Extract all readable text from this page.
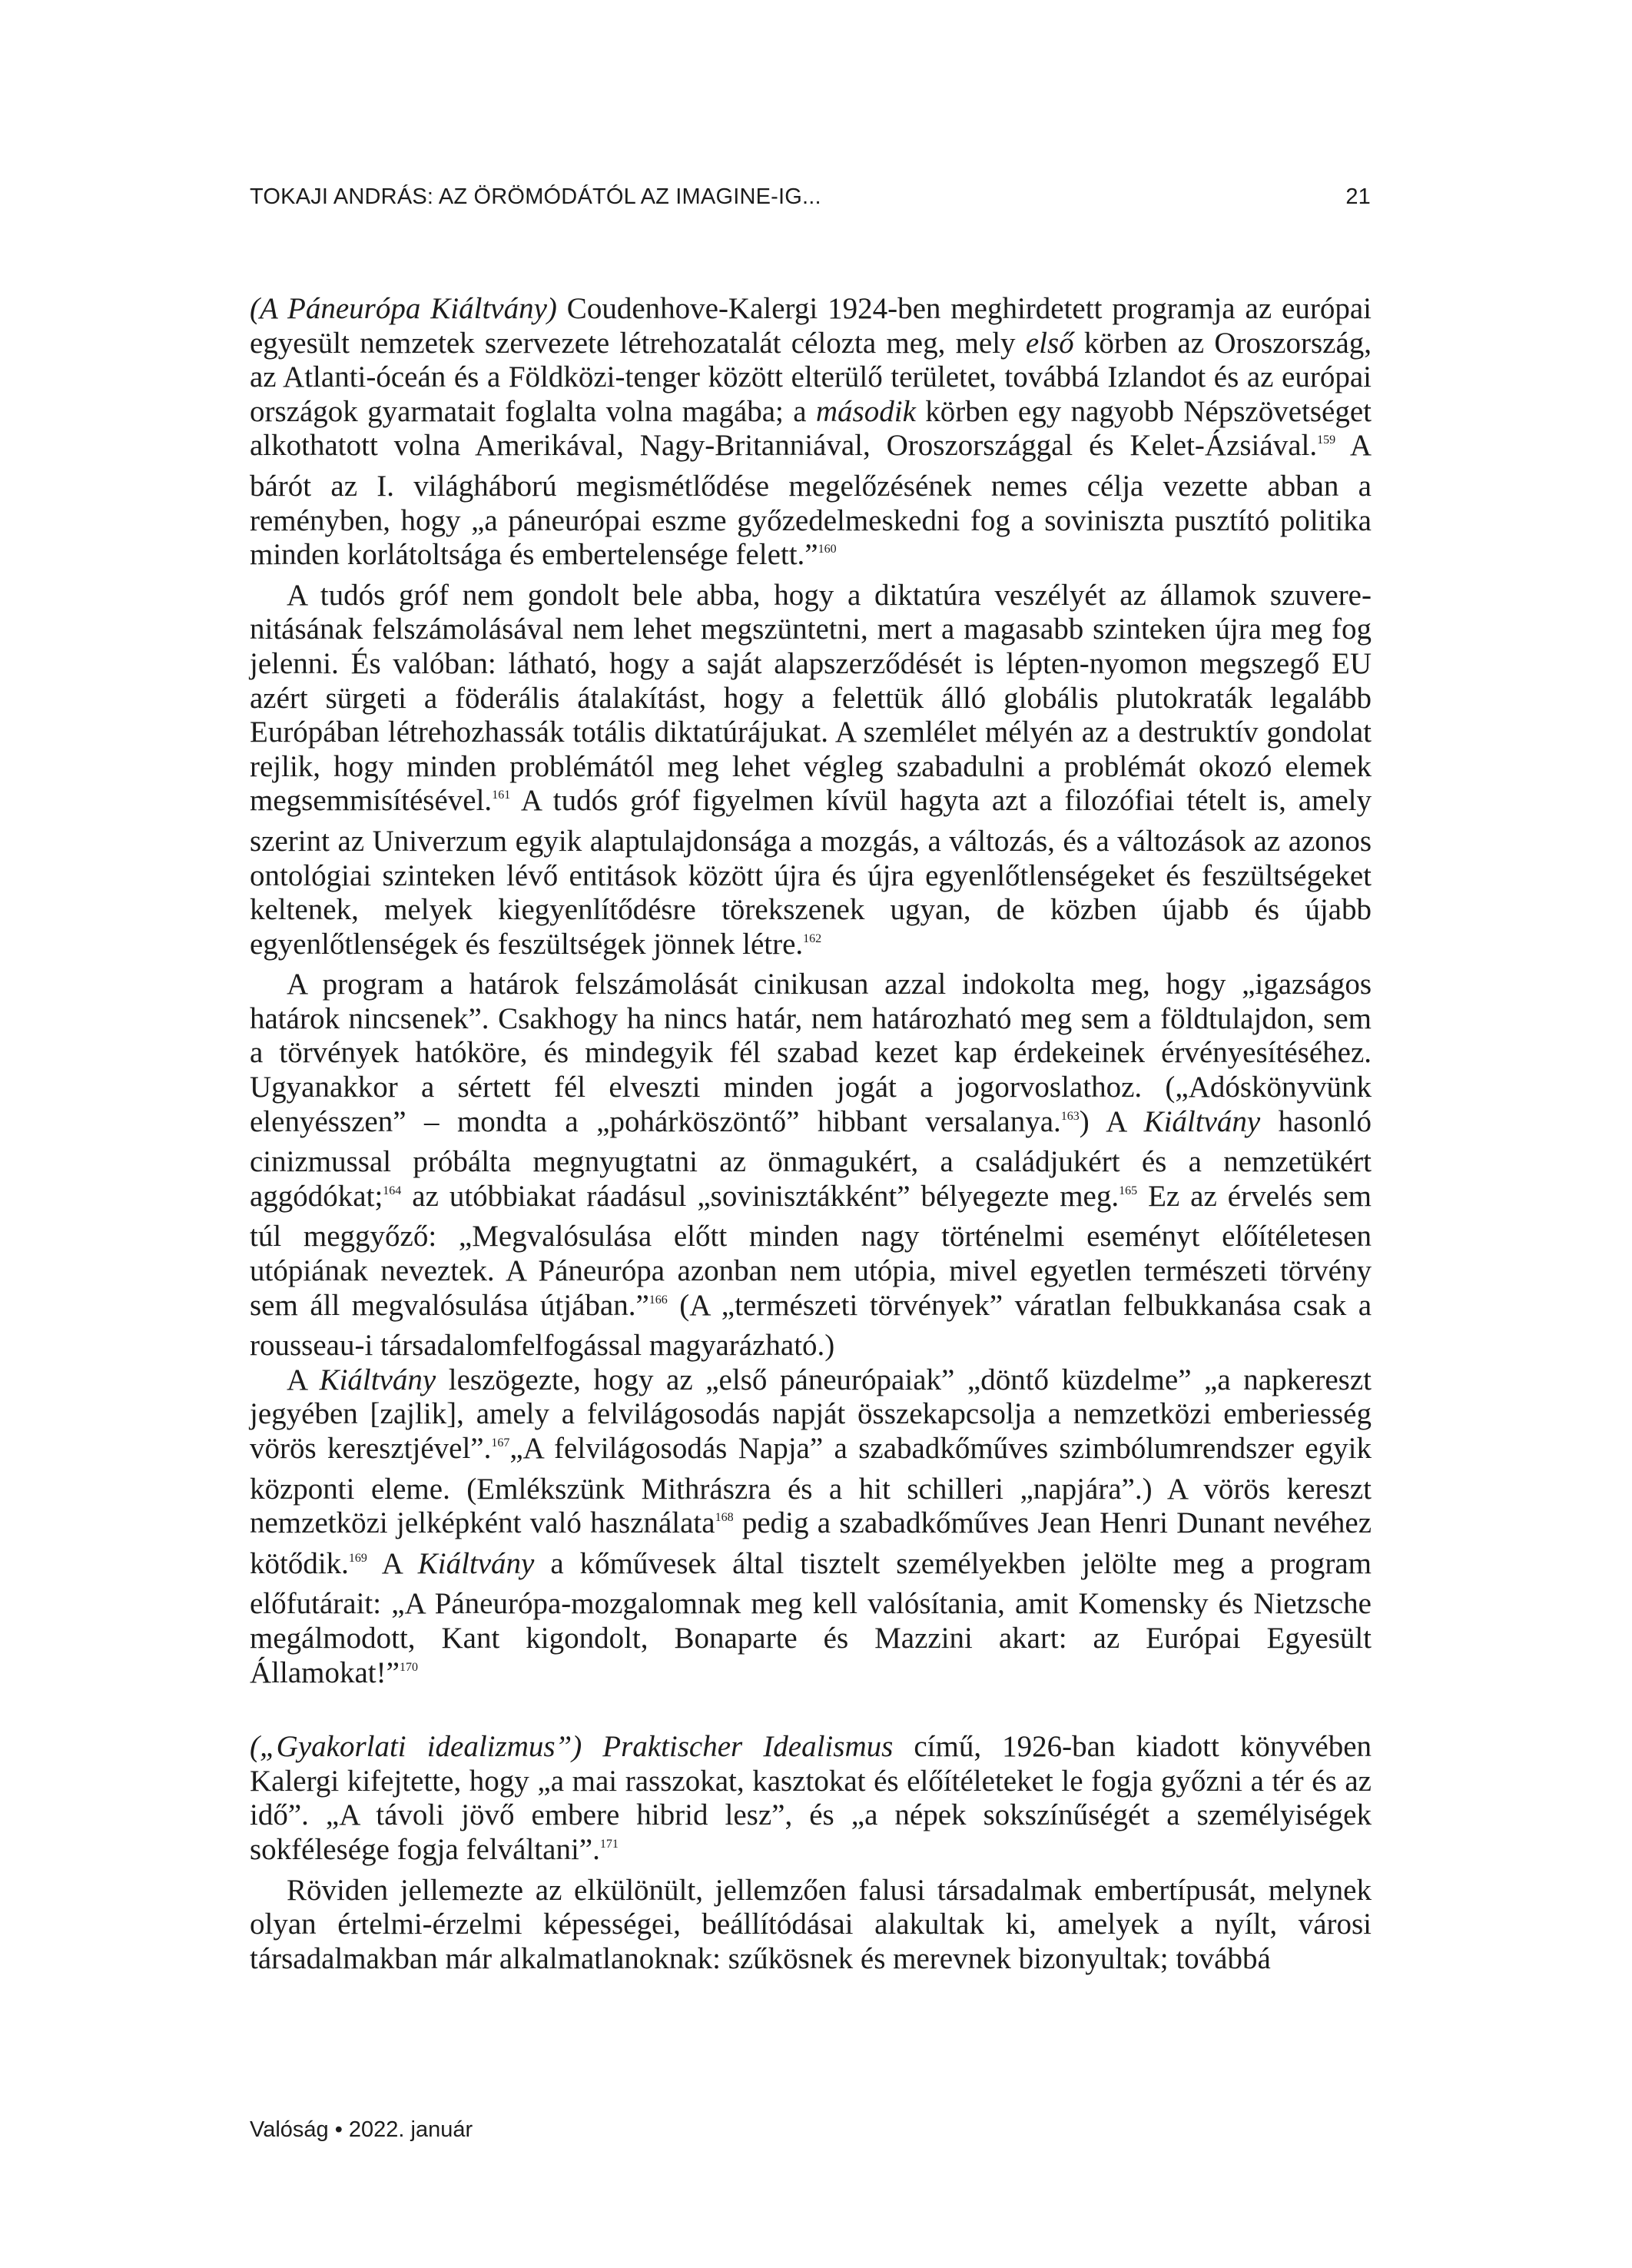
TOKAJI ANDRÁS: AZ ÖRÖMÓDÁTÓL AZ IMAGINE-IG...	21

(A Páneurópa Kiáltvány) Coudenhove-Kalergi 1924-ben meghirdetett programja az európai egyesült nemzetek szervezete létrehozatalát célozta meg, mely első körben az Oroszország, az Atlanti-óceán és a Földközi-tenger között elterülő területet, továbbá Izlandot és az európai országok gyarmatait foglalta volna magába; a második körben egy nagyobb Népszövetséget alkothatott volna Amerikával, Nagy-Britanniával, Oroszországgal és Kelet-Ázsiával.$^{159}$ A bárót az I. világháború megismétlődése megelőzésének nemes célja vezette abban a reményben, hogy „a páneurópai eszme győzedelmeskedni fog a soviniszta pusztító politika minden korlátoltsága és embertelensége felett.”$^{160}$

A tudós gróf nem gondolt bele abba, hogy a diktatúra veszélyét az államok szuverenitásának felszámolásával nem lehet megszüntetni, mert a magasabb szinteken újra meg fog jelenni. És valóban: látható, hogy a saját alapszerződését is lépten-nyomon megszegő EU azért sürgeti a föderális átalakítást, hogy a felettük álló globális plutokraták legalább Európában létrehozhassák totális diktatúrájukat. A szemlélet mélyén az a destruktív gondolat rejlik, hogy minden problémától meg lehet végleg szabadulni a problémát okozó elemek megsemmisítésével.$^{161}$ A tudós gróf figyelmen kívül hagyta azt a filozófiai tételt is, amely szerint az Univerzum egyik alaptulajdonsága a mozgás, a változás, és a változások az azonos ontológiai szinteken lévő entitások között újra és újra egyenlőtlenségeket és feszültségeket keltenek, melyek kiegyenlítődésre törekszenek ugyan, de közben újabb és újabb egyenlőtlenségek és feszültségek jönnek létre.$^{162}$

A program a határok felszámolását cinikusan azzal indokolta meg, hogy „igazságos határok nincsenek”. Csakhogy ha nincs határ, nem határozható meg sem a földtulajdon, sem a törvények hatóköre, és mindegyik fél szabad kezet kap érdekeinek érvényesítéséhez. Ugyanakkor a sértett fél elveszti minden jogát a jogorvoslathoz. („Adóskönyvünk elenyésszen” – mondta a „pohárköszöntő” hibbant versalanya.$^{163}$) A Kiáltvány hasonló cinizmussal próbálta megnyugtatni az önmagukért, a családjukért és a nemzetükért aggódókat;$^{164}$ az utóbbiakat ráadásul „sovinisztákként” bélyegezte meg.$^{165}$ Ez az érvelés sem túl meggyőző: „Megvalósulása előtt minden nagy történelmi eseményt előítéletesen utópiának neveztek. A Páneurópa azonban nem utópia, mivel egyetlen természeti törvény sem áll megvalósulása útjában.”$^{166}$ (A „természeti törvények” váratlan felbukkanása csak a rousseau-i társadalomfelfogással magyarázható.)

A Kiáltvány leszögezte, hogy az „első páneurópaiak” „döntő küzdelme” „a napkereszt jegyében [zajlik], amely a felvilágosodás napját összekapcsolja a nemzetközi emberiesség vörös keresztjével”.$^{167}$„A felvilágosodás Napja” a szabadkőműves szimbólumrendszer egyik központi eleme. (Emlékszünk Mithrászra és a hit schilleri „napjára”.) A vörös kereszt nemzetközi jelképként való használata$^{168}$ pedig a szabadkőműves Jean Henri Dunant nevéhez kötődik.$^{169}$ A Kiáltvány a kőművesek által tisztelt személyekben jelölte meg a program előfutárait: „A Páneurópa-mozgalomnak meg kell valósítania, amit Komensky és Nietzsche megálmodott, Kant kigondolt, Bonaparte és Mazzini akart: az Európai Egyesült Államokat!”$^{170}$

(„Gyakorlati idealizmus”) Praktischer Idealismus című, 1926-ban kiadott könyvében Kalergi kifejtette, hogy „a mai rasszokat, kasztokat és előítéleteket le fogja győzni a tér és az idő”. „A távoli jövő embere hibrid lesz”, és „a népek sokszínűségét a személyiségek sokfélesége fogja felváltani”.$^{171}$

Röviden jellemezte az elkülönült, jellemzően falusi társadalmak embertípusát, melynek olyan értelmi-érzelmi képességei, beállítódásai alakultak ki, amelyek a nyílt, városi társadalmakban már alkalmatlanoknak: szűkösnek és merevnek bizonyultak; továbbá

Valóság • 2022. január
